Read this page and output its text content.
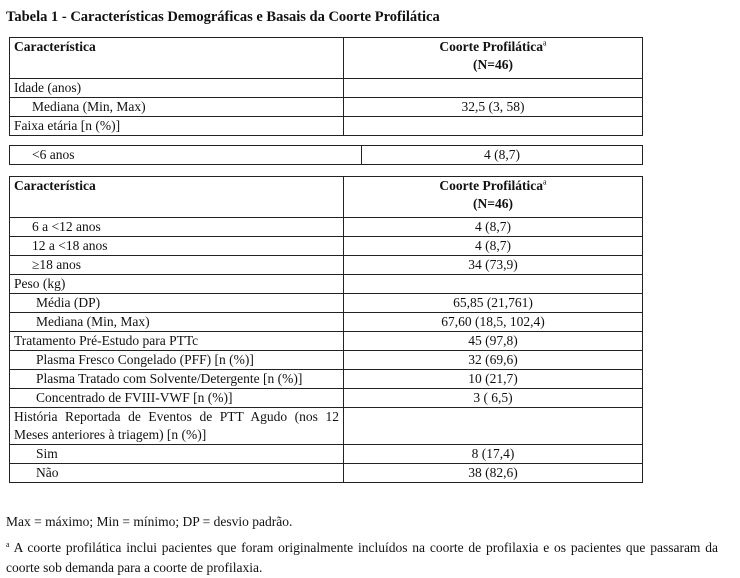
Tabela 1 - Características Demográficas e Basais da Coorte Profilática
Característica	Coorte Profilática$^a$
(N=46)
Idade (anos)	
Mediana (Min, Max)	32,5 (3, 58)
Faixa etária [n (%)]	
<6 anos	4 (8,7)
Característica	Coorte Profilática$^a$
(N=46)
6 a <12 anos	4 (8,7)
12 a <18 anos	4 (8,7)
≥18 anos	34 (73,9)
Peso (kg)	
Média (DP)	65,85 (21,761)
Mediana (Min, Max)	67,60 (18,5, 102,4)
Tratamento Pré-Estudo para PTTc	45 (97,8)
Plasma Fresco Congelado (PFF) [n (%)]	32 (69,6)
Plasma Tratado com Solvente/Detergente [n (%)]	10 (21,7)
Concentrado de FVIII-VWF [n (%)]	3 ( 6,5)
História Reportada de Eventos de PTT Agudo (nos 12 Meses anteriores à triagem) [n (%)]	
Sim	8 (17,4)
Não	38 (82,6)
Max = máximo; Min = mínimo; DP = desvio padrão.
$^a$ A coorte profilática inclui pacientes que foram originalmente incluídos na coorte de profilaxia e os pacientes que passaram da coorte sob demanda para a coorte de profilaxia.
